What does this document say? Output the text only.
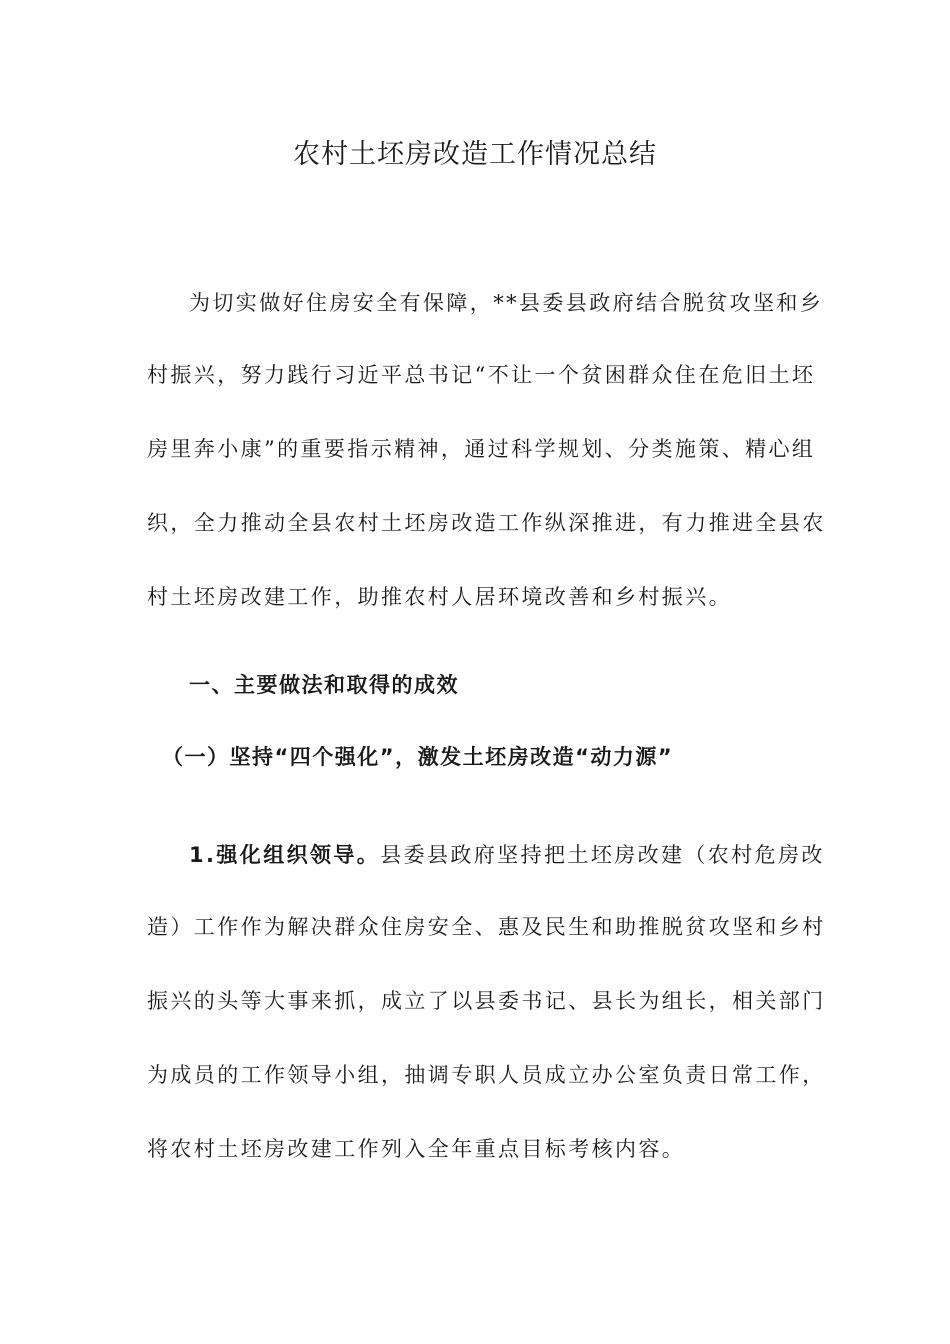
农村土坯房改造工作情况总结
为切实做好住房安全有保障，**县委县政府结合脱贫攻坚和乡
村振兴，努力践行习近平总书记“不让一个贫困群众住在危旧土坯
房里奔小康”的重要指示精神，通过科学规划、分类施策、精心组
织，全力推动全县农村土坯房改造工作纵深推进，有力推进全县农
村土坯房改建工作，助推农村人居环境改善和乡村振兴。
一、主要做法和取得的成效
（一）坚持“四个强化”，激发土坯房改造“动力源”
1.强化组织领导。县委县政府坚持把土坯房改建（农村危房改
造）工作作为解决群众住房安全、惠及民生和助推脱贫攻坚和乡村
振兴的头等大事来抓，成立了以县委书记、县长为组长，相关部门
为成员的工作领导小组，抽调专职人员成立办公室负责日常工作，
将农村土坯房改建工作列入全年重点目标考核内容。
